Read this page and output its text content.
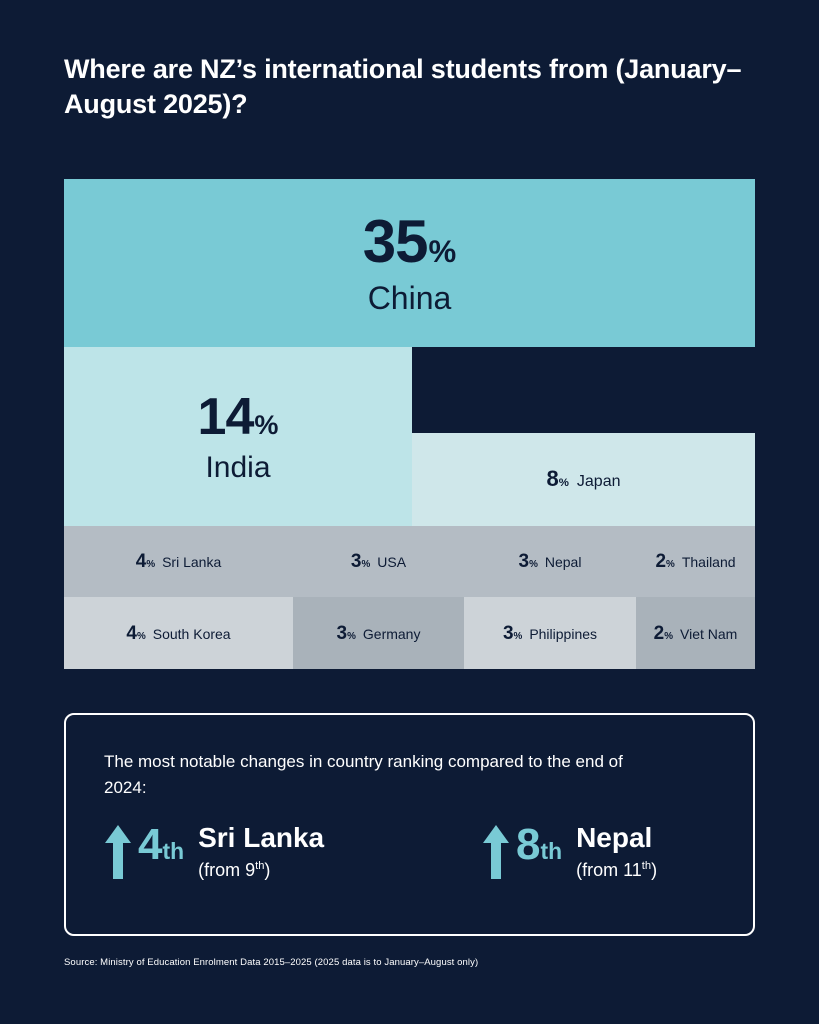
Where are NZ’s international students from (January–August 2025)?
35 %
China
14 %
India	8 % Japan
4 % Sri Lanka	3 % USA	3 % Nepal	2 % Thailand
4 % South Korea	3 % Germany	3 % Philippines	2 % Viet Nam
The most notable changes in country ranking compared to the end of 2024:
4 th Sri Lanka
(from 9th)
8 th Nepal
(from 11th)
Source: Ministry of Education Enrolment Data 2015–2025 (2025 data is to January–August only)
